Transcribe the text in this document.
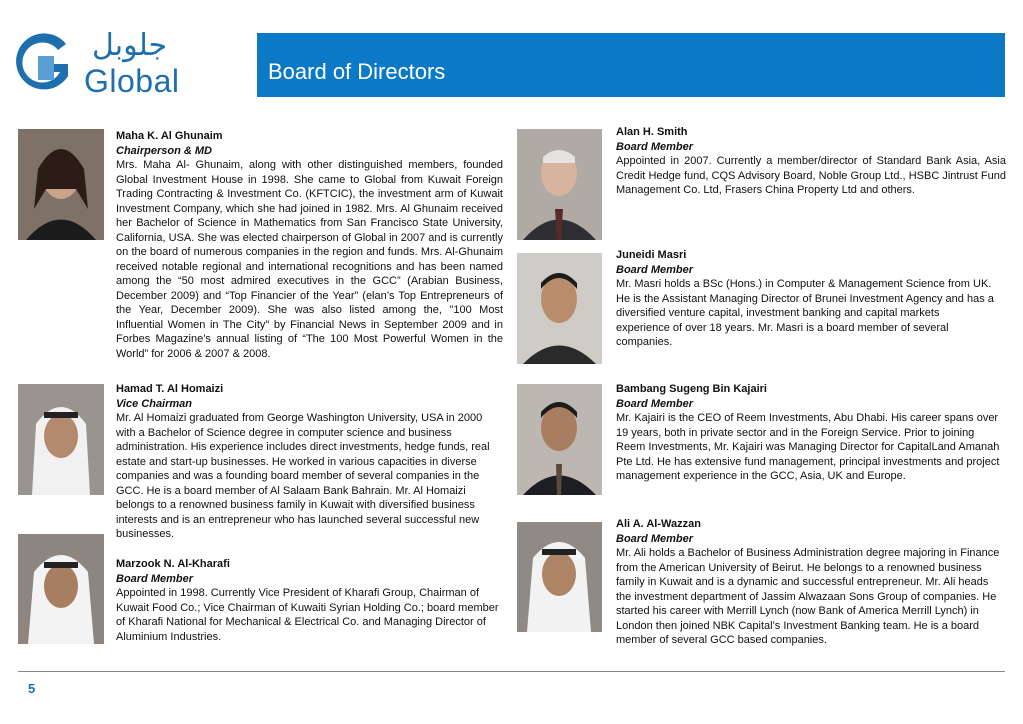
جلوبل
Global	Board of Directors
Maha K. Al Ghunaim
Chairperson & MD
Mrs. Maha Al- Ghunaim, along with other distinguished members, founded Global Investment House in 1998. She came to Global from Kuwait Foreign Trading Contracting & Investment Co. (KFTCIC), the investment arm of Kuwait Investment Company, which she had joined in 1982. Mrs. Al Ghunaim received her Bachelor of Science in Mathematics from San Francisco State University, California, USA. She was elected chairperson of Global in 2007 and is currently on the board of numerous companies in the region and funds. Mrs. Al-Ghunaim received notable regional and international recognitions and has been named among the “50 most admired executives in the GCC” (Arabian Business, December 2009) and “Top Financier of the Year” (elan’s Top Entrepreneurs of the Year, December 2009). She was also listed among the, "100 Most Influential Women in The City" by Financial News in September 2009 and in Forbes Magazine’s annual listing of “The 100 Most Powerful Women in the World” for 2006 & 2007 & 2008.
Hamad T. Al Homaizi
Vice Chairman
Mr. Al Homaizi graduated from George Washington University, USA in 2000 with a Bachelor of Science degree in computer science and business administration. His experience includes direct investments, hedge funds, real estate and start-up businesses. He worked in various capacities in diverse companies and was a founding board member of several companies in the GCC. He is a board member of Al Salaam Bank Bahrain. Mr. Al Homaizi belongs to a renowned business family in Kuwait with diversified business interests and is an entrepreneur who has launched several successful new businesses.
Marzook N. Al-Kharafi
Board Member
Appointed in 1998. Currently Vice President of Kharafi Group, Chairman of Kuwait Food Co.; Vice Chairman of Kuwaiti Syrian Holding Co.; board member of Kharafi National for Mechanical & Electrical Co. and Managing Director of Aluminium Industries.
Alan H. Smith
Board Member
Appointed in 2007. Currently a member/director of Standard Bank Asia, Asia Credit Hedge fund, CQS Advisory Board, Noble Group Ltd., HSBC Jintrust Fund Management Co. Ltd, Frasers China Property Ltd and others.
Juneidi Masri
Board Member
Mr. Masri holds a BSc (Hons.) in Computer & Management Science from UK. He is the Assistant Managing Director of Brunei Investment Agency and has a diversified venture capital, investment banking and capital markets experience of over 18 years. Mr. Masri is a board member of several companies.
Bambang Sugeng Bin Kajairi
Board Member
Mr. Kajairi is the CEO of Reem Investments, Abu Dhabi. His career spans over 19 years, both in private sector and in the Foreign Service. Prior to joining Reem Investments, Mr. Kajairi was Managing Director for CapitalLand Amanah Pte Ltd. He has extensive fund management, principal investments and project management experience in the GCC, Asia, UK and Europe.
Ali A. Al-Wazzan
Board Member
Mr. Ali holds a Bachelor of Business Administration degree majoring in Finance from the American University of Beirut. He belongs to a renowned business family in Kuwait and is a dynamic and successful entrepreneur. Mr. Ali heads the investment department of Jassim Alwazaan Sons Group of companies. He started his career with Merrill Lynch (now Bank of America Merrill Lynch) in London then joined NBK Capital’s Investment Banking team. He is a board member of several GCC based companies.
5
